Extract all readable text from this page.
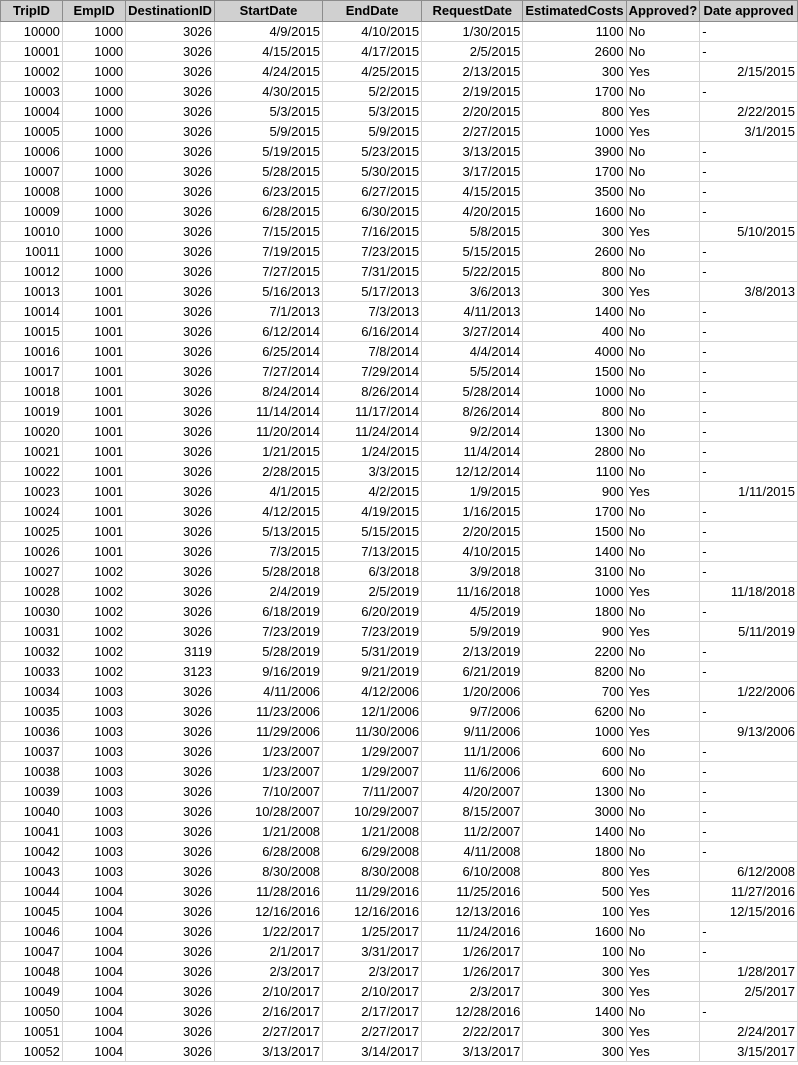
TripID	EmpID	DestinationID	StartDate	EndDate	RequestDate	EstimatedCosts	Approved?	Date approved
10000	1000	3026	4/9/2015	4/10/2015	1/30/2015	1100	No	-
10001	1000	3026	4/15/2015	4/17/2015	2/5/2015	2600	No	-
10002	1000	3026	4/24/2015	4/25/2015	2/13/2015	300	Yes	2/15/2015
10003	1000	3026	4/30/2015	5/2/2015	2/19/2015	1700	No	-
10004	1000	3026	5/3/2015	5/3/2015	2/20/2015	800	Yes	2/22/2015
10005	1000	3026	5/9/2015	5/9/2015	2/27/2015	1000	Yes	3/1/2015
10006	1000	3026	5/19/2015	5/23/2015	3/13/2015	3900	No	-
10007	1000	3026	5/28/2015	5/30/2015	3/17/2015	1700	No	-
10008	1000	3026	6/23/2015	6/27/2015	4/15/2015	3500	No	-
10009	1000	3026	6/28/2015	6/30/2015	4/20/2015	1600	No	-
10010	1000	3026	7/15/2015	7/16/2015	5/8/2015	300	Yes	5/10/2015
10011	1000	3026	7/19/2015	7/23/2015	5/15/2015	2600	No	-
10012	1000	3026	7/27/2015	7/31/2015	5/22/2015	800	No	-
10013	1001	3026	5/16/2013	5/17/2013	3/6/2013	300	Yes	3/8/2013
10014	1001	3026	7/1/2013	7/3/2013	4/11/2013	1400	No	-
10015	1001	3026	6/12/2014	6/16/2014	3/27/2014	400	No	-
10016	1001	3026	6/25/2014	7/8/2014	4/4/2014	4000	No	-
10017	1001	3026	7/27/2014	7/29/2014	5/5/2014	1500	No	-
10018	1001	3026	8/24/2014	8/26/2014	5/28/2014	1000	No	-
10019	1001	3026	11/14/2014	11/17/2014	8/26/2014	800	No	-
10020	1001	3026	11/20/2014	11/24/2014	9/2/2014	1300	No	-
10021	1001	3026	1/21/2015	1/24/2015	11/4/2014	2800	No	-
10022	1001	3026	2/28/2015	3/3/2015	12/12/2014	1100	No	-
10023	1001	3026	4/1/2015	4/2/2015	1/9/2015	900	Yes	1/11/2015
10024	1001	3026	4/12/2015	4/19/2015	1/16/2015	1700	No	-
10025	1001	3026	5/13/2015	5/15/2015	2/20/2015	1500	No	-
10026	1001	3026	7/3/2015	7/13/2015	4/10/2015	1400	No	-
10027	1002	3026	5/28/2018	6/3/2018	3/9/2018	3100	No	-
10028	1002	3026	2/4/2019	2/5/2019	11/16/2018	1000	Yes	11/18/2018
10030	1002	3026	6/18/2019	6/20/2019	4/5/2019	1800	No	-
10031	1002	3026	7/23/2019	7/23/2019	5/9/2019	900	Yes	5/11/2019
10032	1002	3119	5/28/2019	5/31/2019	2/13/2019	2200	No	-
10033	1002	3123	9/16/2019	9/21/2019	6/21/2019	8200	No	-
10034	1003	3026	4/11/2006	4/12/2006	1/20/2006	700	Yes	1/22/2006
10035	1003	3026	11/23/2006	12/1/2006	9/7/2006	6200	No	-
10036	1003	3026	11/29/2006	11/30/2006	9/11/2006	1000	Yes	9/13/2006
10037	1003	3026	1/23/2007	1/29/2007	11/1/2006	600	No	-
10038	1003	3026	1/23/2007	1/29/2007	11/6/2006	600	No	-
10039	1003	3026	7/10/2007	7/11/2007	4/20/2007	1300	No	-
10040	1003	3026	10/28/2007	10/29/2007	8/15/2007	3000	No	-
10041	1003	3026	1/21/2008	1/21/2008	11/2/2007	1400	No	-
10042	1003	3026	6/28/2008	6/29/2008	4/11/2008	1800	No	-
10043	1003	3026	8/30/2008	8/30/2008	6/10/2008	800	Yes	6/12/2008
10044	1004	3026	11/28/2016	11/29/2016	11/25/2016	500	Yes	11/27/2016
10045	1004	3026	12/16/2016	12/16/2016	12/13/2016	100	Yes	12/15/2016
10046	1004	3026	1/22/2017	1/25/2017	11/24/2016	1600	No	-
10047	1004	3026	2/1/2017	3/31/2017	1/26/2017	100	No	-
10048	1004	3026	2/3/2017	2/3/2017	1/26/2017	300	Yes	1/28/2017
10049	1004	3026	2/10/2017	2/10/2017	2/3/2017	300	Yes	2/5/2017
10050	1004	3026	2/16/2017	2/17/2017	12/28/2016	1400	No	-
10051	1004	3026	2/27/2017	2/27/2017	2/22/2017	300	Yes	2/24/2017
10052	1004	3026	3/13/2017	3/14/2017	3/13/2017	300	Yes	3/15/2017
